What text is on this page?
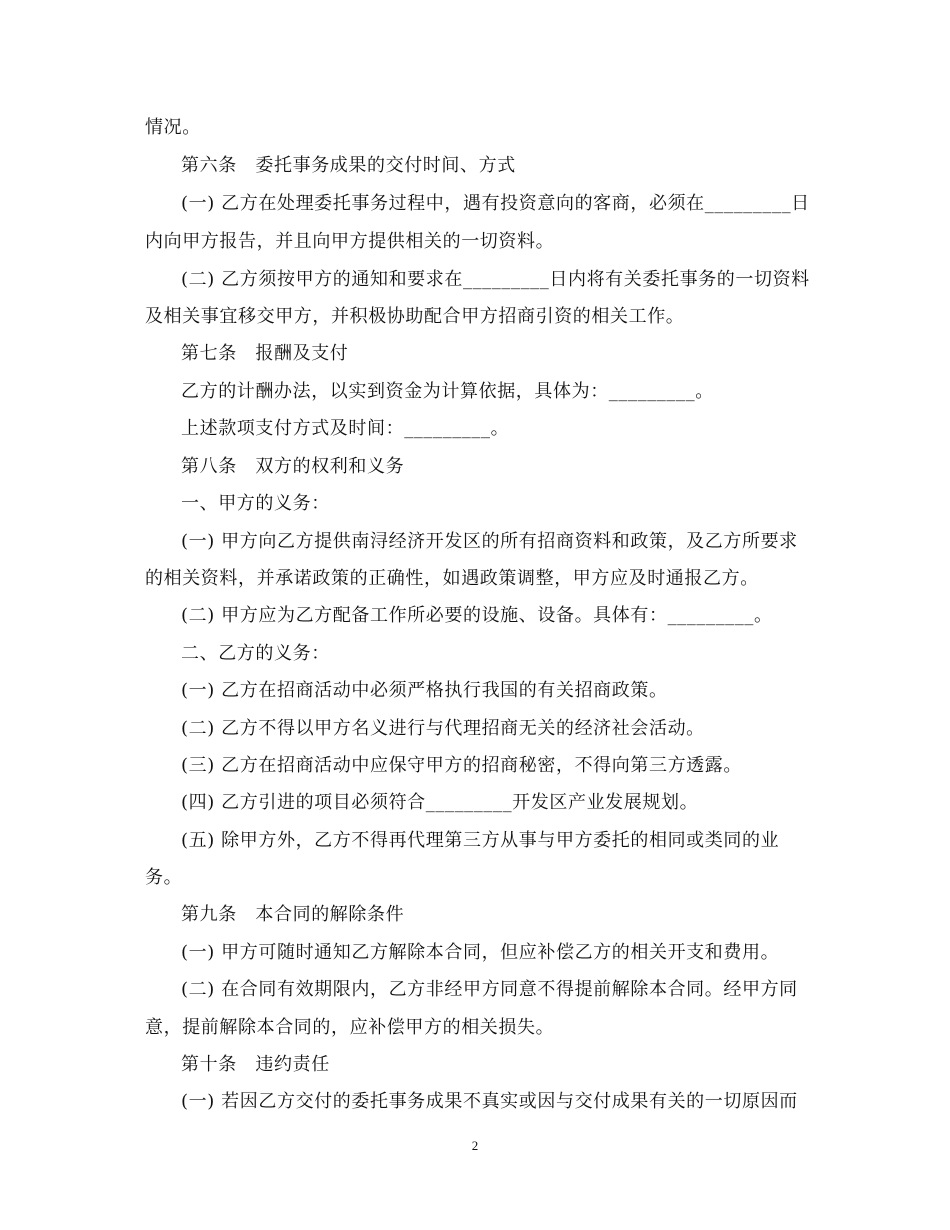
情况。
第六条　委托事务成果的交付时间、方式
(一) 乙方在处理委托事务过程中，遇有投资意向的客商，必须在_________日
内向甲方报告，并且向甲方提供相关的一切资料。
(二) 乙方须按甲方的通知和要求在_________日内将有关委托事务的一切资料
及相关事宜移交甲方，并积极协助配合甲方招商引资的相关工作。
第七条　报酬及支付
乙方的计酬办法，以实到资金为计算依据，具体为：_________。
上述款项支付方式及时间：_________。
第八条　双方的权利和义务
一、甲方的义务：
(一) 甲方向乙方提供南浔经济开发区的所有招商资料和政策，及乙方所要求
的相关资料，并承诺政策的正确性，如遇政策调整，甲方应及时通报乙方。
(二) 甲方应为乙方配备工作所必要的设施、设备。具体有：_________。
二、乙方的义务：
(一) 乙方在招商活动中必须严格执行我国的有关招商政策。
(二) 乙方不得以甲方名义进行与代理招商无关的经济社会活动。
(三) 乙方在招商活动中应保守甲方的招商秘密，不得向第三方透露。
(四) 乙方引进的项目必须符合_________开发区产业发展规划。
(五) 除甲方外，乙方不得再代理第三方从事与甲方委托的相同或类同的业
务。
第九条　本合同的解除条件
(一) 甲方可随时通知乙方解除本合同，但应补偿乙方的相关开支和费用。
(二) 在合同有效期限内，乙方非经甲方同意不得提前解除本合同。经甲方同
意，提前解除本合同的，应补偿甲方的相关损失。
第十条　违约责任
(一) 若因乙方交付的委托事务成果不真实或因与交付成果有关的一切原因而
2
